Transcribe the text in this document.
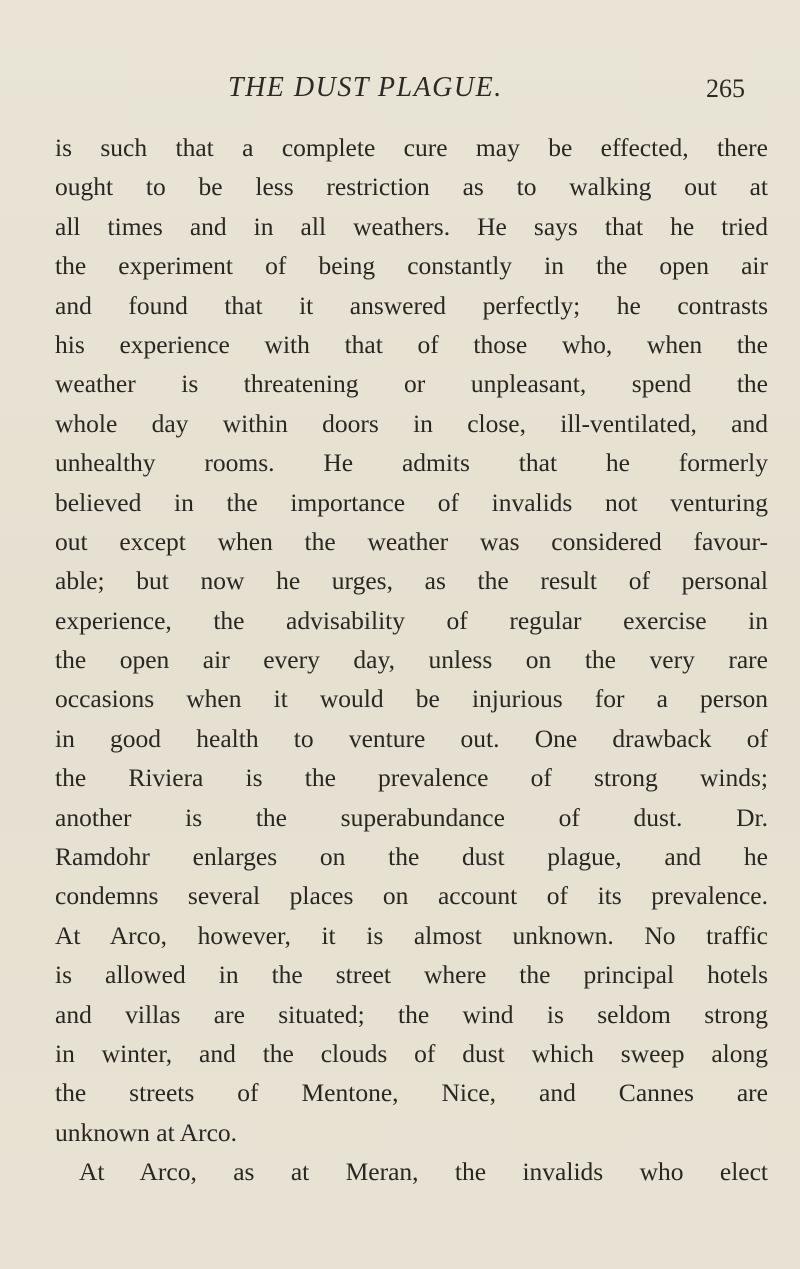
THE DUST PLAGUE.	265
is such that a complete cure may be effected, there
ought to be less restriction as to walking out at
all times and in all weathers. He says that he tried
the experiment of being constantly in the open air
and found that it answered perfectly; he contrasts
his experience with that of those who, when the
weather is threatening or unpleasant, spend the
whole day within doors in close, ill-ventilated, and
unhealthy rooms. He admits that he formerly
believed in the importance of invalids not venturing
out except when the weather was considered favour-
able; but now he urges, as the result of personal
experience, the advisability of regular exercise in
the open air every day, unless on the very rare
occasions when it would be injurious for a person
in good health to venture out. One drawback of
the Riviera is the prevalence of strong winds;
another is the superabundance of dust. Dr.
Ramdohr enlarges on the dust plague, and he
condemns several places on account of its prevalence.
At Arco, however, it is almost unknown. No traffic
is allowed in the street where the principal hotels
and villas are situated; the wind is seldom strong
in winter, and the clouds of dust which sweep along
the streets of Mentone, Nice, and Cannes are
unknown at Arco.
At Arco, as at Meran, the invalids who elect
